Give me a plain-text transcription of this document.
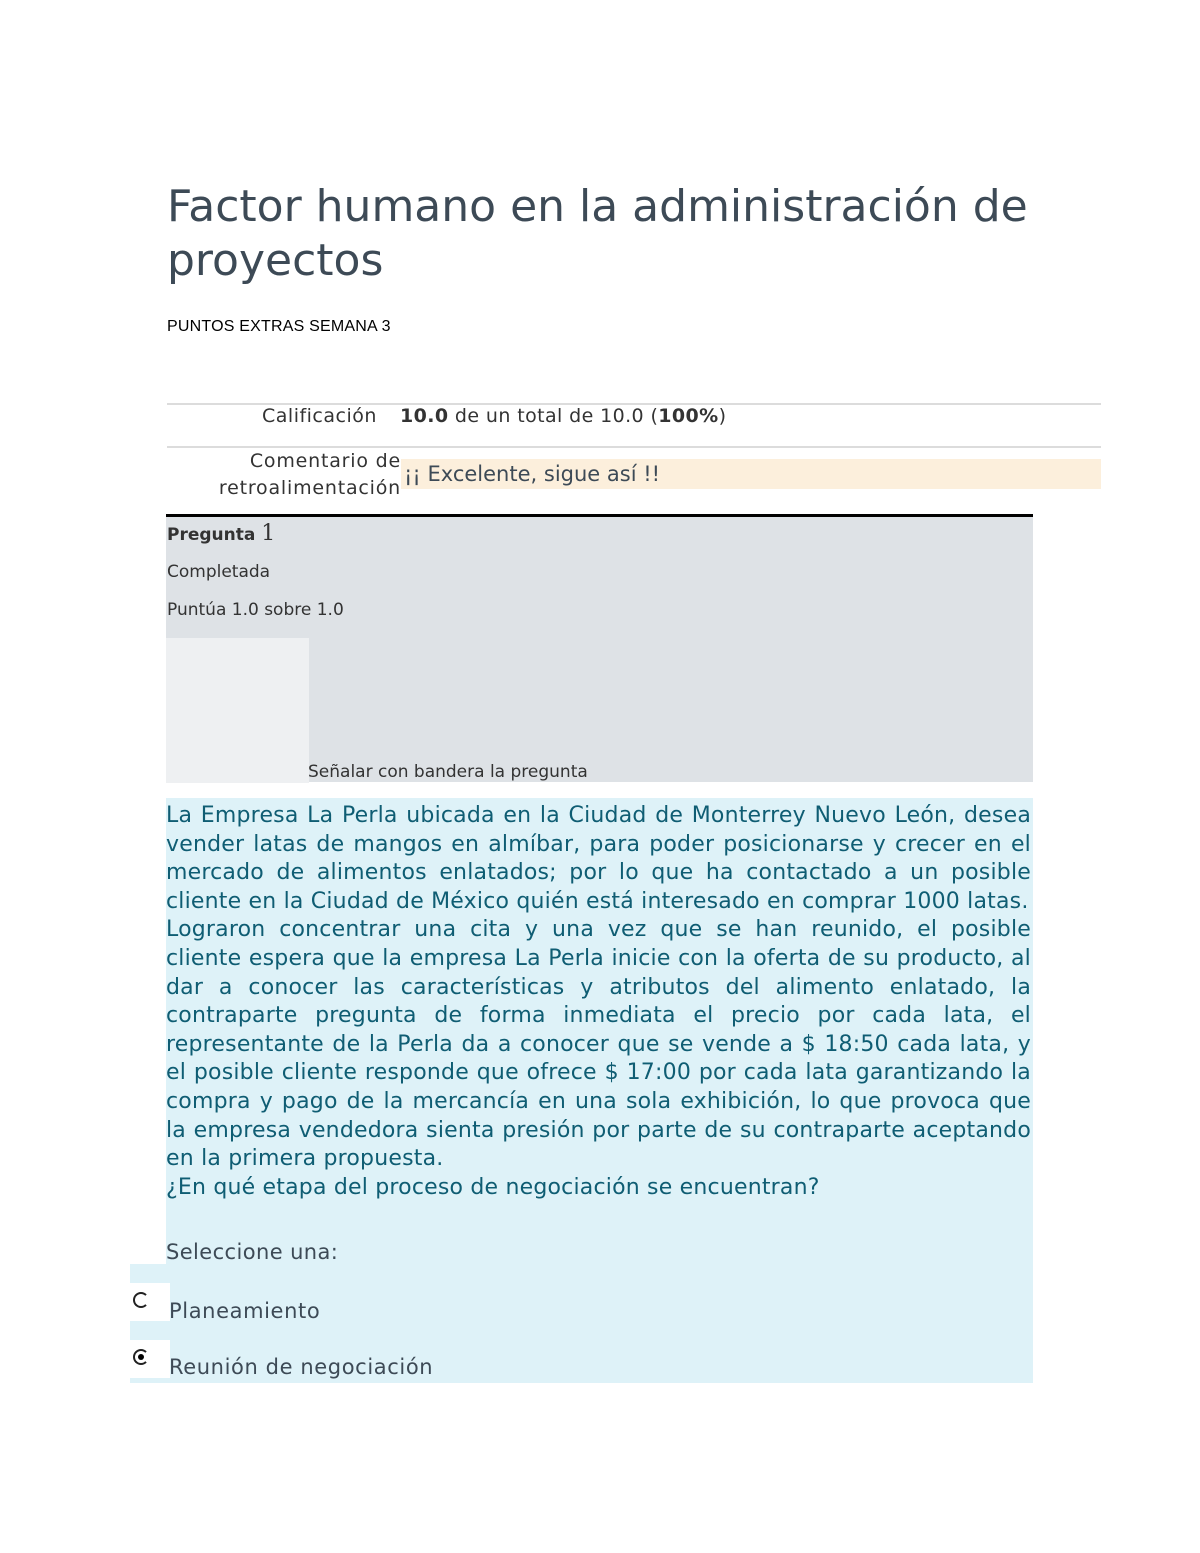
Factor humano en la administración de proyectos
PUNTOS EXTRAS SEMANA 3
Calificación 10.0 de un total de 10.0 (100%)
Comentario de retroalimentación
¡¡ Excelente, sigue así !!
Pregunta 1
Completada
Puntúa 1.0 sobre 1.0
Señalar con bandera la pregunta

La Empresa La Perla ubicada en la Ciudad de Monterrey Nuevo León, desea vender latas de mangos en almíbar, para poder posicionarse y crecer en el mercado de alimentos enlatados; por lo que ha contactado a un posible cliente en la Ciudad de México quién está interesado en comprar 1000 latas.

Lograron concentrar una cita y una vez que se han reunido, el posible cliente espera que la empresa La Perla inicie con la oferta de su producto, al dar a conocer las características y atributos del alimento enlatado, la contraparte pregunta de forma inmediata el precio por cada lata, el representante de la Perla da a conocer que se vende a $ 18:50 cada lata, y el posible cliente responde que ofrece $ 17:00 por cada lata garantizando la compra y pago de la mercancía en una sola exhibición, lo que provoca que la empresa vendedora sienta presión por parte de su contraparte aceptando en la primera propuesta.

¿En qué etapa del proceso de negociación se encuentran?

Seleccione una:
Planeamiento
Reunión de negociación
